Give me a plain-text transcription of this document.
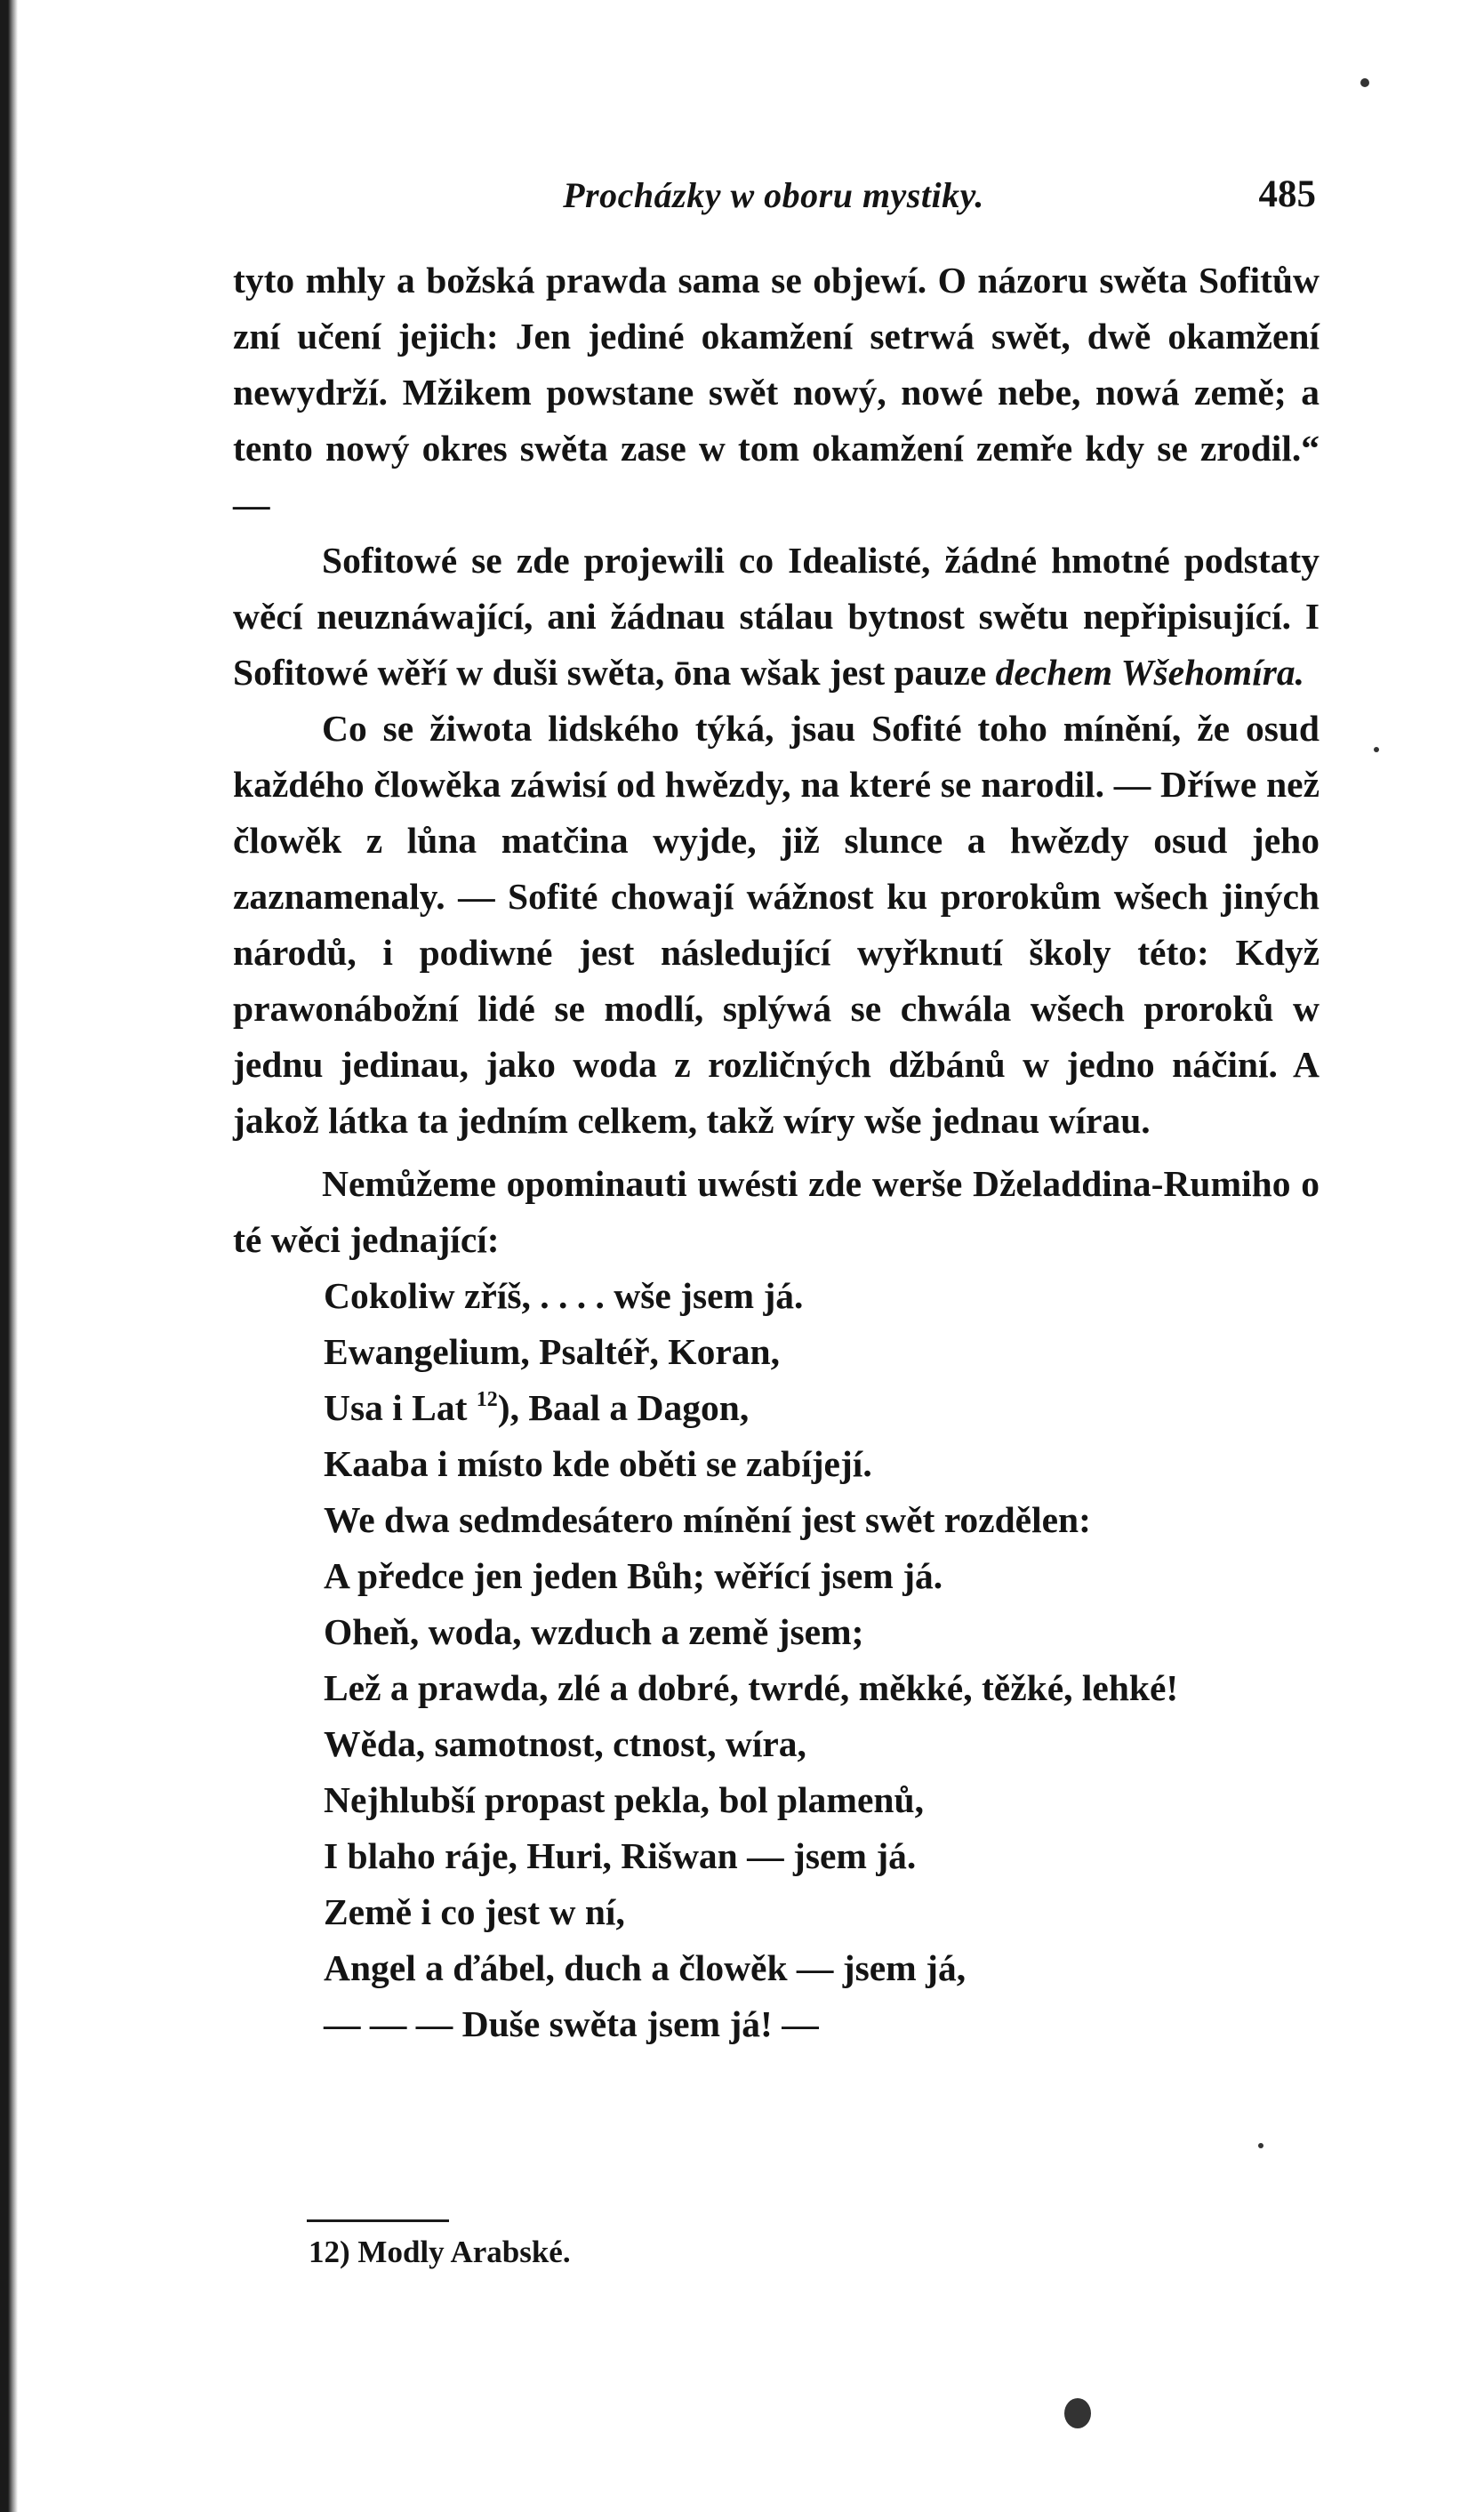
Procházky w oboru mystiky.	485

tyto mhly a božská prawda sama se objewí. O názoru swěta Sofitůw zní učení jejich: Jen jediné okamžení setrwá swět, dwě okamžení newydrží. Mžikem powstane swět nowý, nowé nebe, nowá země; a tento nowý okres swěta zase w tom okamžení zemře kdy se zrodil.“ —

Sofitowé se zde projewili co Idealisté, žádné hmotné podstaty wěcí neuznáwající, ani žádnau stálau bytnost swětu nepřipisující. I Sofitowé wěří w duši swěta, ōna wšak jest pauze dechem Wšehomíra.

Co se žiwota lidského týká, jsau Sofité toho mínění, že osud každého člowěka záwisí od hwězdy, na které se narodil. — Dříwe než člowěk z lůna matčina wyjde, již slunce a hwězdy osud jeho zaznamenaly. — Sofité chowají wážnost ku prorokům wšech jiných národů, i podiwné jest následující wyřknutí školy této: Když prawonábožní lidé se modlí, splýwá se chwála wšech proroků w jednu jedinau, jako woda z rozličných džbánů w jedno náčiní. A jakož látka ta jedním celkem, takž wíry wše jednau wírau.

Nemůžeme opominauti uwésti zde werše Dželaddina-Rumiho o té wěci jednající:

Cokoliw zříš, . . . . wše jsem já.
Ewangelium, Psaltéř, Koran,
Usa i Lat $^{12}$), Baal a Dagon,
Kaaba i místo kde oběti se zabíjejí.
We dwa sedmdesátero mínění jest swět rozdělen:
A předce jen jeden Bůh; wěřící jsem já.
Oheň, woda, wzduch a země jsem;
Lež a prawda, zlé a dobré, twrdé, měkké, těžké, lehké!
Wěda, samotnost, ctnost, wíra,
Nejhlubší propast pekla, bol plamenů,
I blaho ráje, Huri, Rišwan — jsem já.
Země i co jest w ní,
Angel a ďábel, duch a člowěk — jsem já,
— — — Duše swěta jsem já! —
12) Modly Arabské.
